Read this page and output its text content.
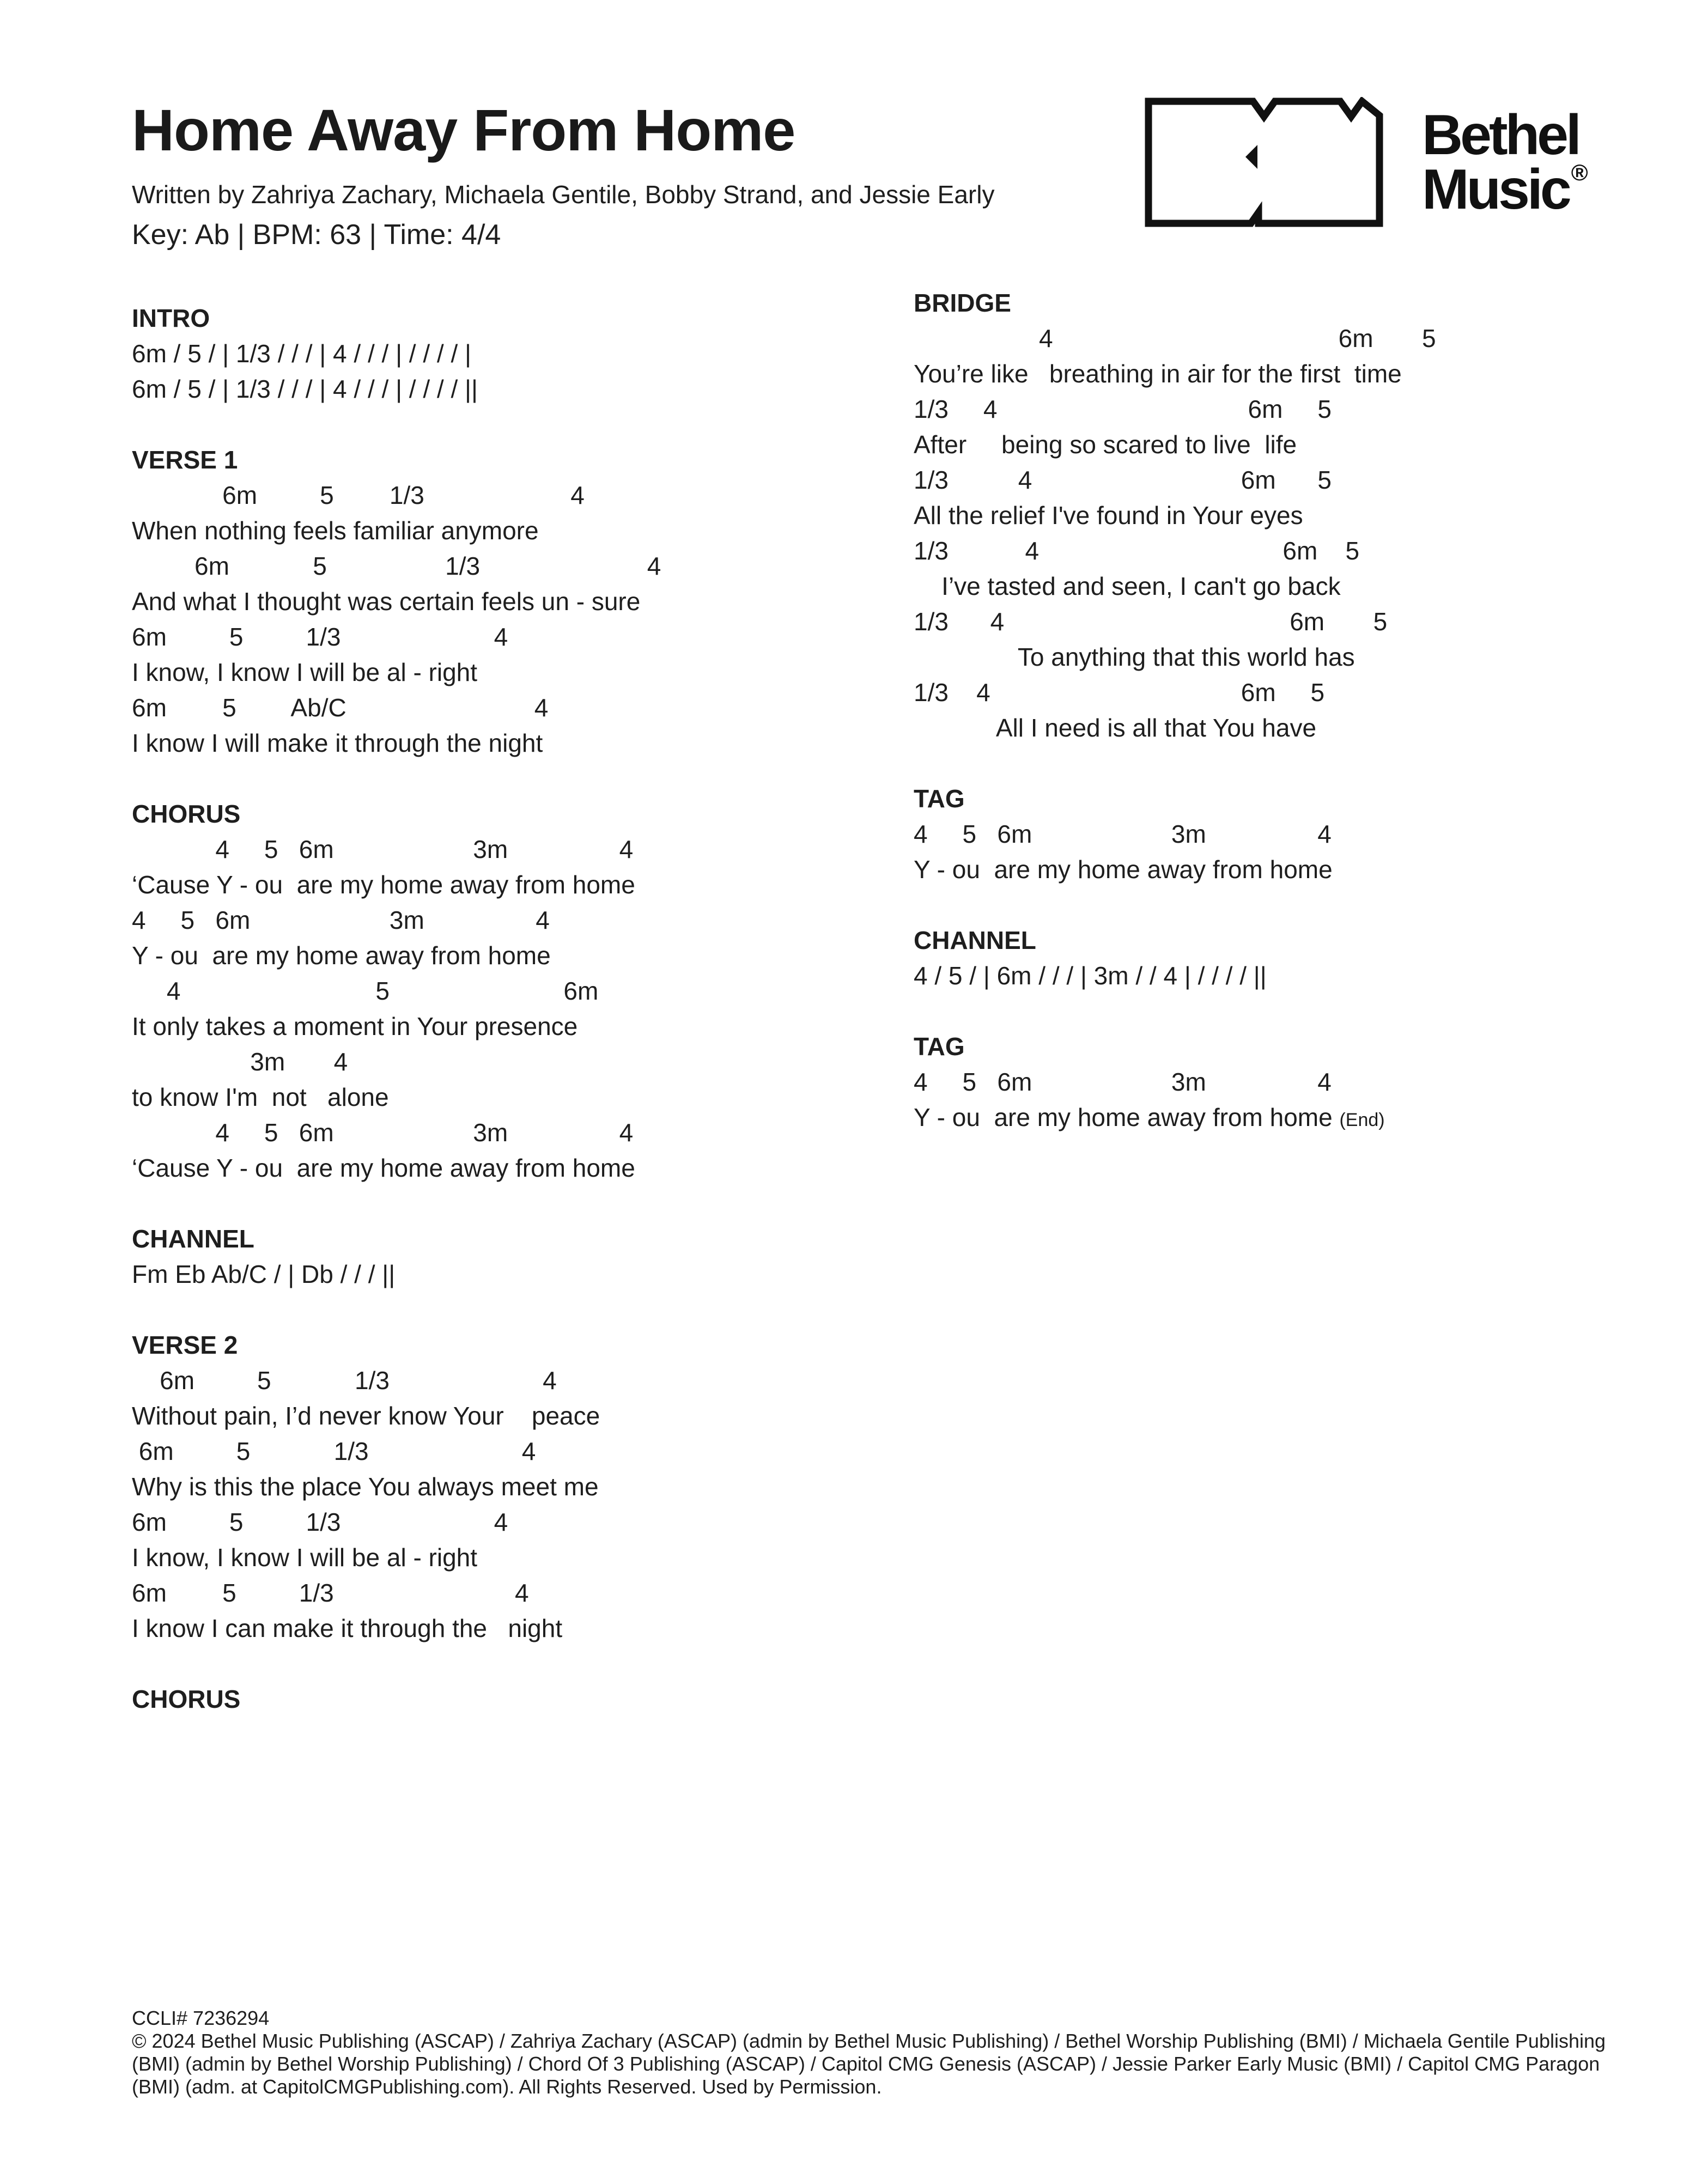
Home Away From Home
Written by Zahriya Zachary, Michaela Gentile, Bobby Strand, and Jessie Early
Key: Ab | BPM: 63 | Time: 4/4
Bethel
Music®
INTRO
6m / 5 / | 1/3 / / / | 4 / / / | / / / / |
6m / 5 / | 1/3 / / / | 4 / / / | / / / / ||
VERSE 1
6m         5        1/3                     4
When nothing feels familiar anymore
6m            5                 1/3                        4
And what I thought was certain feels un - sure
6m         5         1/3                      4
I know, I know I will be al - right
6m        5        Ab/C                           4
I know I will make it through the night
CHORUS
4     5   6m                    3m                4
‘Cause Y - ou  are my home away from home
4     5   6m                    3m                4
Y - ou  are my home away from home
4                            5                         6m
It only takes a moment in Your presence
3m       4
to know I'm  not   alone
4     5   6m                    3m                4
‘Cause Y - ou  are my home away from home
CHANNEL
Fm Eb Ab/C / | Db / / / ||
VERSE 2
6m         5            1/3                      4
Without pain, I’d never know Your    peace
6m         5            1/3                      4
Why is this the place You always meet me
6m         5         1/3                      4
I know, I know I will be al - right
6m        5         1/3                          4
I know I can make it through the   night
CHORUS
BRIDGE
4                                         6m       5
You’re like   breathing in air for the first  time
1/3     4                                    6m     5
After     being so scared to live  life
1/3          4                              6m      5
All the relief I've found in Your eyes
1/3           4                                   6m    5
I’ve tasted and seen, I can't go back
1/3      4                                         6m       5
To anything that this world has
1/3    4                                    6m     5
All I need is all that You have
TAG
4     5   6m                    3m                4
Y - ou  are my home away from home
CHANNEL
4 / 5 / | 6m / / / | 3m / / 4 | / / / / ||
TAG
4     5   6m                    3m                4
Y - ou  are my home away from home (End)
CCLI# 7236294
© 2024 Bethel Music Publishing (ASCAP) / Zahriya Zachary (ASCAP) (admin by Bethel Music Publishing) / Bethel Worship Publishing (BMI) / Michaela Gentile Publishing
(BMI) (admin by Bethel Worship Publishing) / Chord Of 3 Publishing (ASCAP) / Capitol CMG Genesis (ASCAP) / Jessie Parker Early Music (BMI) / Capitol CMG Paragon
(BMI) (adm. at CapitolCMGPublishing.com). All Rights Reserved. Used by Permission.
